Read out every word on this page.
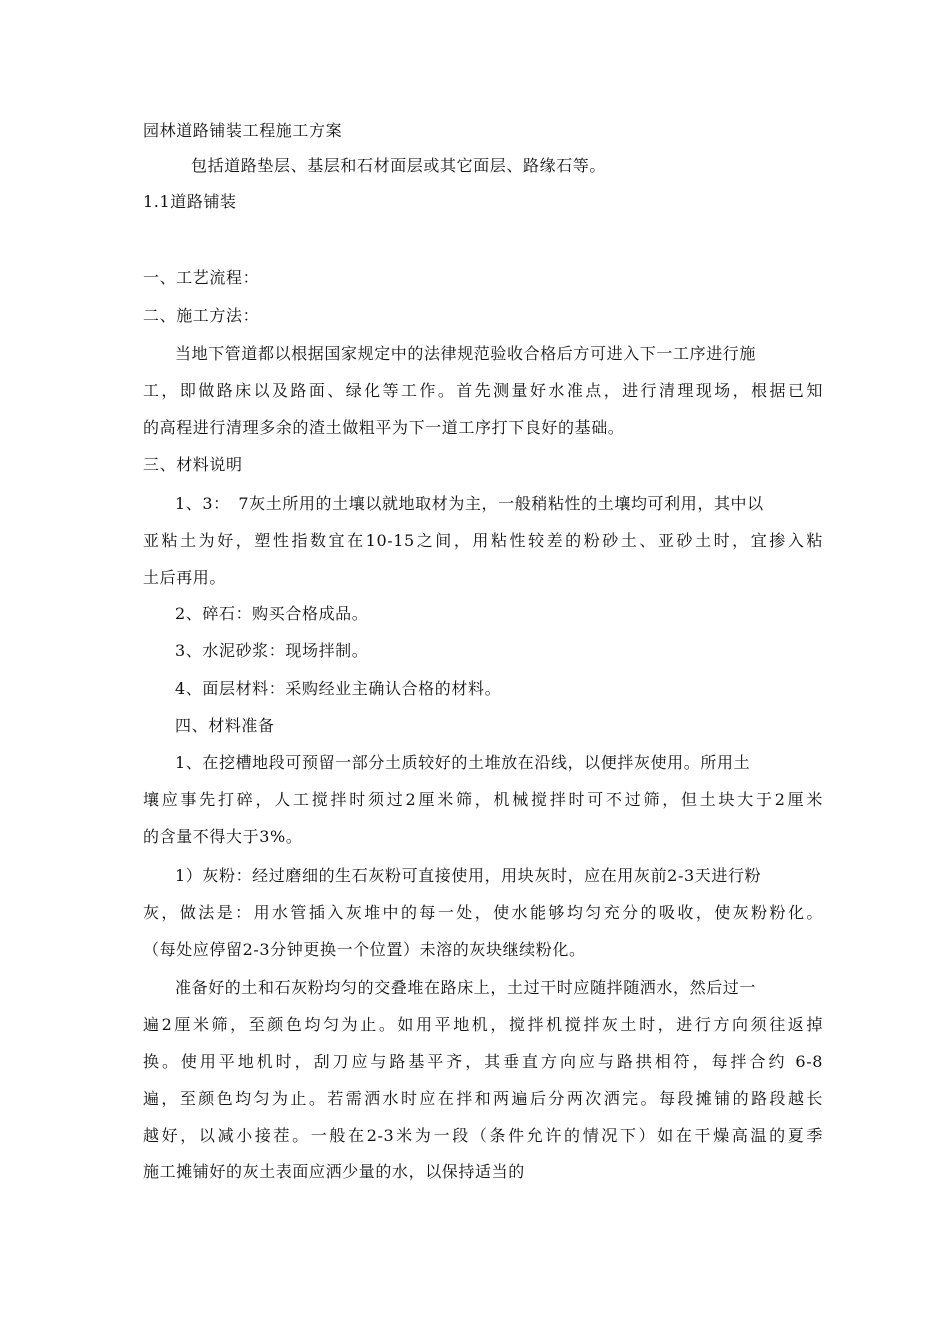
园林道路铺装工程施工方案
包括道路垫层、基层和石材面层或其它面层、路缘石等。
1.1道路铺装
一、工艺流程：
二、施工方法：
当地下管道都以根据国家规定中的法律规范验收合格后方可进入下一工序进行施
工，即做路床以及路面、绿化等工作。首先测量好水准点，进行清理现场，根据已知
的高程进行清理多余的渣土做粗平为下一道工序打下良好的基础。
三、材料说明
1、3：　7灰土所用的土壤以就地取材为主，一般稍粘性的土壤均可利用，其中以
亚粘土为好，塑性指数宜在10-15之间，用粘性较差的粉砂土、亚砂土时，宜掺入粘
土后再用。
2、碎石：购买合格成品。
3、水泥砂浆：现场拌制。
4、面层材料：采购经业主确认合格的材料。
四、材料准备
1、在挖槽地段可预留一部分土质较好的土堆放在沿线，以便拌灰使用。所用土
壤应事先打碎，人工搅拌时须过2厘米筛，机械搅拌时可不过筛，但土块大于2厘米
的含量不得大于3%。
1）灰粉：经过磨细的生石灰粉可直接使用，用块灰时，应在用灰前2-3天进行粉
灰，做法是：用水管插入灰堆中的每一处，使水能够均匀充分的吸收，使灰粉粉化。
（每处应停留2-3分钟更换一个位置）未溶的灰块继续粉化。
准备好的土和石灰粉均匀的交叠堆在路床上，土过干时应随拌随洒水，然后过一
遍2厘米筛，至颜色均匀为止。如用平地机，搅拌机搅拌灰土时，进行方向须往返掉
换。使用平地机时，刮刀应与路基平齐，其垂直方向应与路拱相符，每拌合约 6-8
遍，至颜色均匀为止。若需洒水时应在拌和两遍后分两次洒完。每段摊铺的路段越长
越好，以减小接茬。一般在2-3米为一段（条件允许的情况下）如在干燥高温的夏季
施工摊铺好的灰土表面应洒少量的水，以保持适当的
